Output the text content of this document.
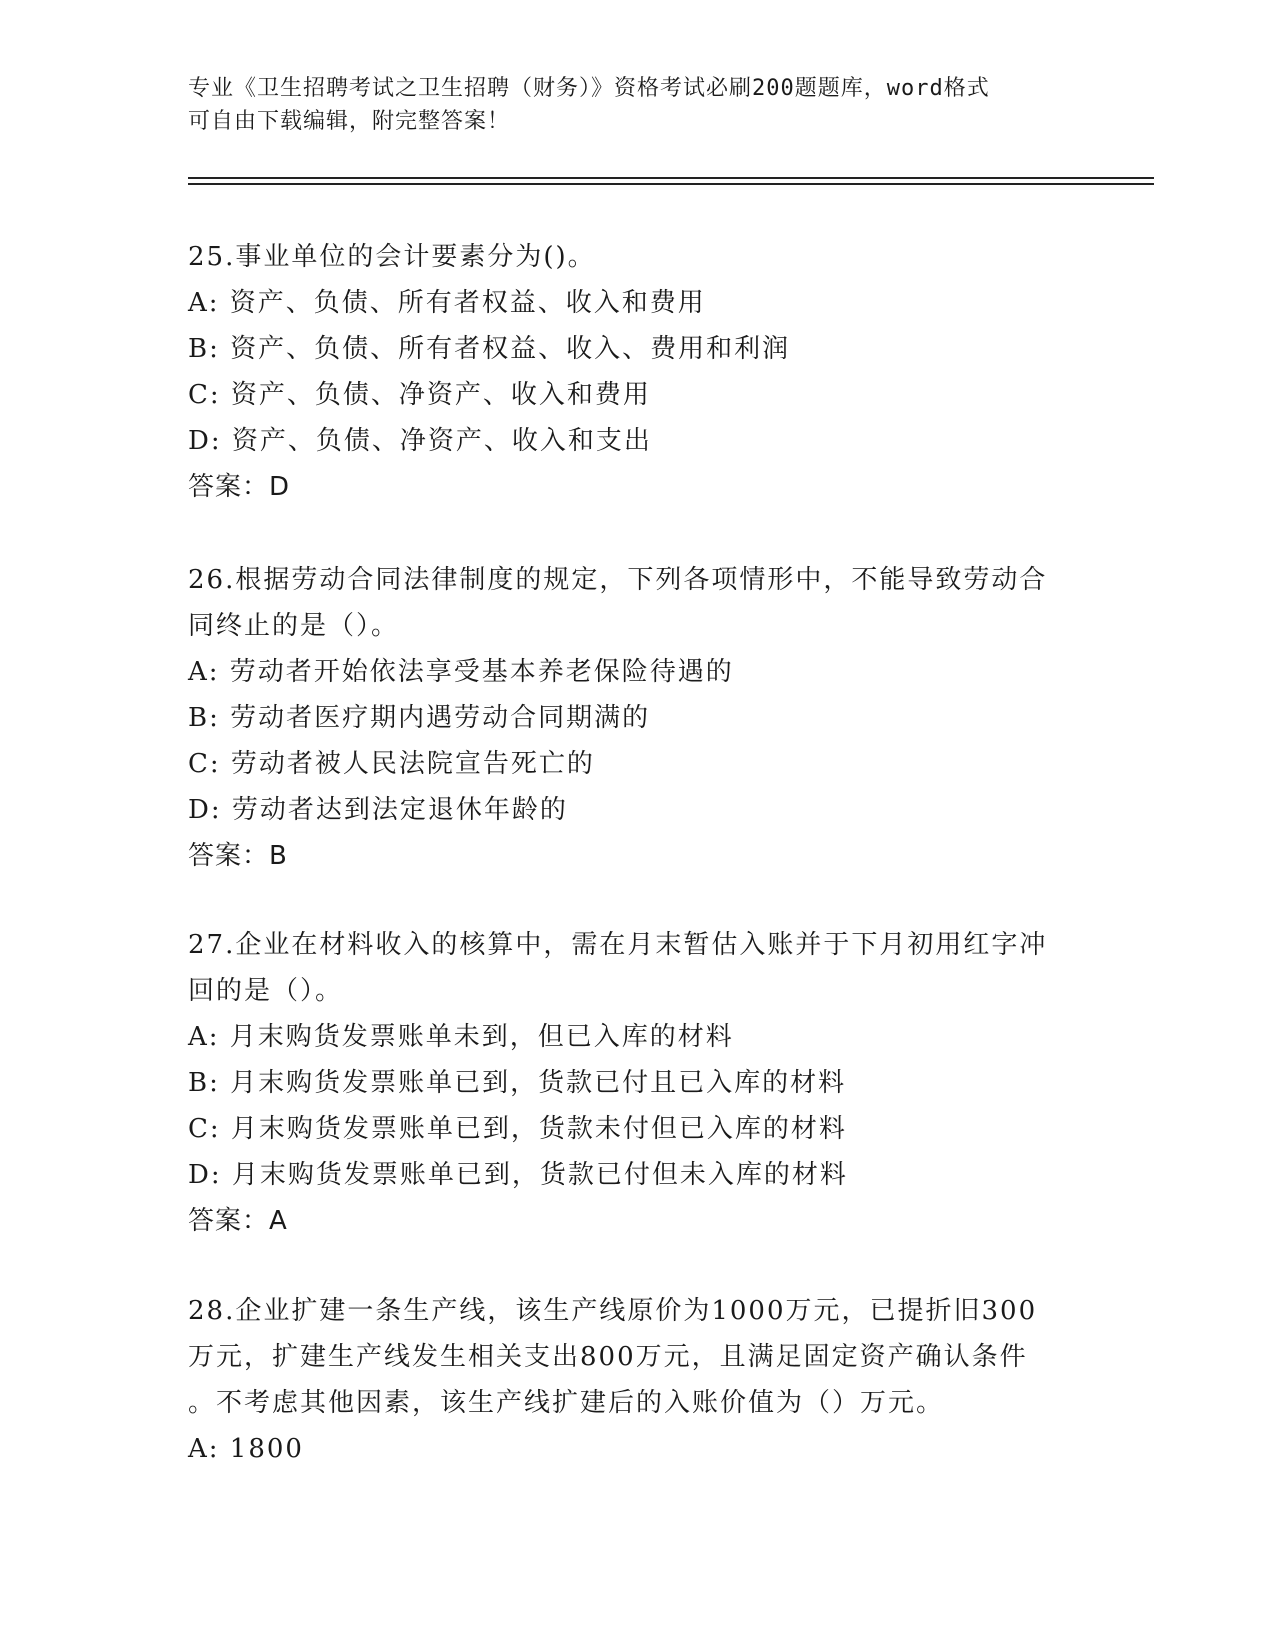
专业《卫生招聘考试之卫生招聘（财务）》资格考试必刷200题题库，word格式
可自由下载编辑，附完整答案！
25.事业单位的会计要素分为()。
A: 资产、负债、所有者权益、收入和费用
B: 资产、负债、所有者权益、收入、费用和利润
C: 资产、负债、净资产、收入和费用
D: 资产、负债、净资产、收入和支出
答案：D
26.根据劳动合同法律制度的规定，下列各项情形中，不能导致劳动合
同终止的是（）。
A: 劳动者开始依法享受基本养老保险待遇的
B: 劳动者医疗期内遇劳动合同期满的
C: 劳动者被人民法院宣告死亡的
D: 劳动者达到法定退休年龄的
答案：B
27.企业在材料收入的核算中，需在月末暂估入账并于下月初用红字冲
回的是（）。
A: 月末购货发票账单未到，但已入库的材料
B: 月末购货发票账单已到，货款已付且已入库的材料
C: 月末购货发票账单已到，货款未付但已入库的材料
D: 月末购货发票账单已到，货款已付但未入库的材料
答案：A
28.企业扩建一条生产线，该生产线原价为1000万元，已提折旧300
万元，扩建生产线发生相关支出800万元，且满足固定资产确认条件
。不考虑其他因素，该生产线扩建后的入账价值为（）万元。
A: 1800
